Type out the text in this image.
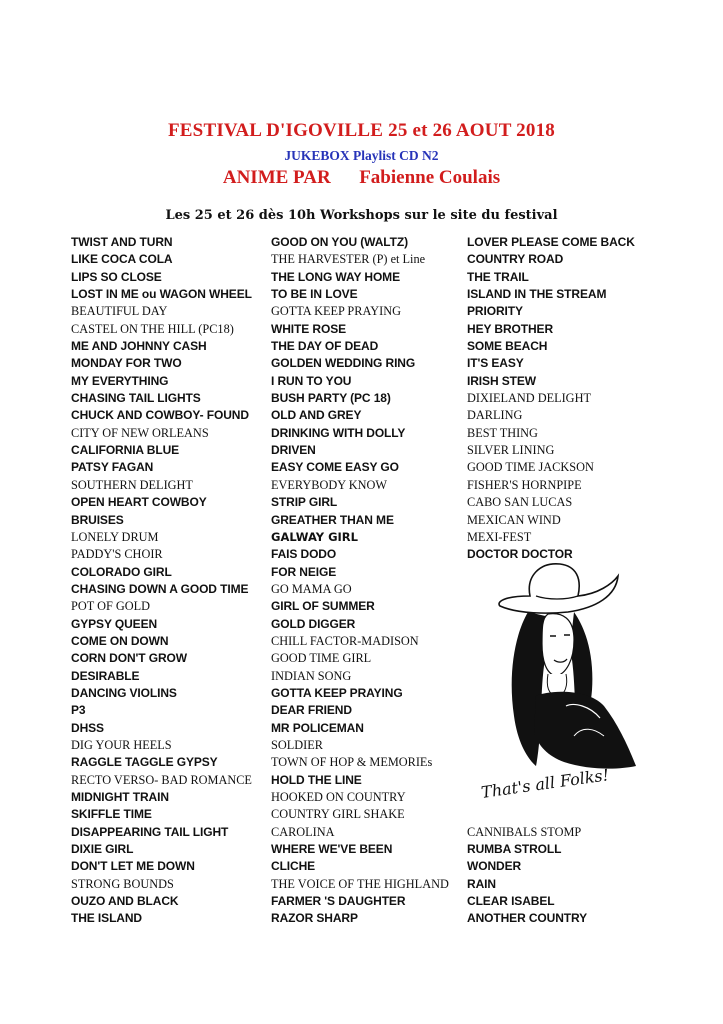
FESTIVAL D'IGOVILLE 25 et 26 AOUT 2018
JUKEBOX Playlist CD N2
ANIME PAR      Fabienne Coulais
Les 25 et 26 dès 10h Workshops sur le site du festival
TWIST AND TURN
LIKE COCA COLA
LIPS SO CLOSE
LOST IN ME ou WAGON WHEEL
BEAUTIFUL DAY
CASTEL ON THE HILL (PC18)
ME AND JOHNNY CASH
MONDAY FOR TWO
MY EVERYTHING
CHASING TAIL LIGHTS
CHUCK AND COWBOY- FOUND
CITY OF NEW ORLEANS
CALIFORNIA BLUE
PATSY FAGAN
SOUTHERN DELIGHT
OPEN HEART COWBOY
BRUISES
LONELY DRUM
PADDY'S CHOIR
COLORADO GIRL
CHASING DOWN A GOOD TIME
POT OF GOLD
GYPSY QUEEN
COME ON DOWN
CORN DON'T GROW
DESIRABLE
DANCING VIOLINS
P3
DHSS
DIG YOUR HEELS
RAGGLE TAGGLE GYPSY
RECTO VERSO- BAD ROMANCE
MIDNIGHT TRAIN
SKIFFLE TIME
DISAPPEARING TAIL LIGHT
DIXIE GIRL
DON'T LET ME DOWN
STRONG BOUNDS
OUZO AND BLACK
THE ISLAND
GOOD ON YOU (WALTZ)
THE HARVESTER (P) et Line
THE LONG WAY HOME
TO BE IN LOVE
GOTTA KEEP PRAYING
WHITE ROSE
THE DAY OF DEAD
GOLDEN WEDDING RING
I RUN TO YOU
BUSH PARTY (PC 18)
OLD AND GREY
DRINKING WITH DOLLY
DRIVEN
EASY COME EASY GO
EVERYBODY KNOW
STRIP GIRL
GREATHER THAN ME
GALWAY GIRL
FAIS DODO
FOR NEIGE
GO MAMA GO
GIRL OF SUMMER
GOLD DIGGER
CHILL FACTOR-MADISON
GOOD TIME GIRL
INDIAN SONG
GOTTA KEEP PRAYING
DEAR FRIEND
MR POLICEMAN
SOLDIER
TOWN OF HOP & MEMORIEs
HOLD THE LINE
HOOKED ON COUNTRY
COUNTRY GIRL SHAKE
CAROLINA
WHERE WE'VE BEEN
CLICHE
THE VOICE OF THE HIGHLAND
FARMER 'S DAUGHTER
RAZOR SHARP
LOVER PLEASE COME BACK
COUNTRY ROAD
THE TRAIL
ISLAND IN THE STREAM
PRIORITY
HEY BROTHER
SOME BEACH
IT'S EASY
IRISH STEW
DIXIELAND DELIGHT
DARLING
BEST THING
SILVER LINING
GOOD TIME JACKSON
FISHER'S HORNPIPE
CABO SAN LUCAS
MEXICAN WIND
MEXI-FEST
DOCTOR DOCTOR
CANNIBALS STOMP
RUMBA STROLL
WONDER
RAIN
CLEAR ISABEL
ANOTHER COUNTRY
That's all Folks!
